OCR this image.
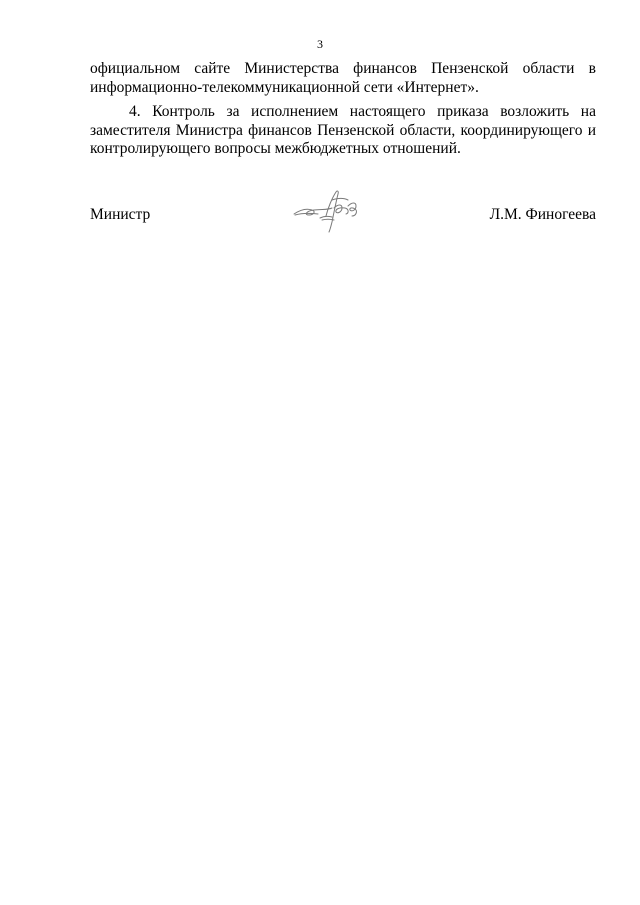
3

официальном сайте Министерства финансов Пензенской области в информационно-телекоммуникационной сети «Интернет».

4. Контроль за исполнением настоящего приказа возложить на заместителя Министра финансов Пензенской области, координирующего и контролирующего вопросы межбюджетных отношений.

Министр	Л.М. Финогеева
